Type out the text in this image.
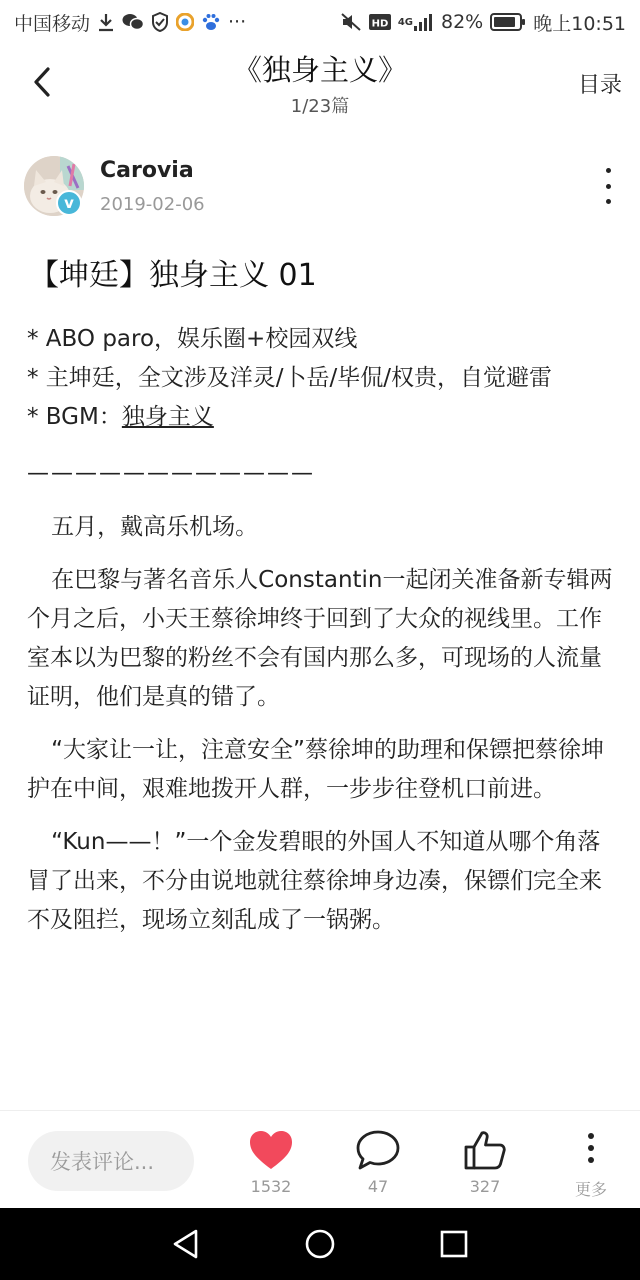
中国移动	···	HD 4G 82%	晚上10:51
《独身主义》
1/23篇
目录
v
Carovia
2019-02-06
【坤廷】独身主义 01

* ABO paro，娱乐圈+校园双线

* 主坤廷，全文涉及洋灵/卜岳/毕侃/权贵，自觉避雷

* BGM：独身主义

————————————

五月，戴高乐机场。

在巴黎与著名音乐人Constantin一起闭关准备新专辑两个月之后，小天王蔡徐坤终于回到了大众的视线里。工作室本以为巴黎的粉丝不会有国内那么多，可现场的人流量证明，他们是真的错了。

“大家让一让，注意安全”蔡徐坤的助理和保镖把蔡徐坤护在中间，艰难地拨开人群，一步步往登机口前进。

“Kun——！”一个金发碧眼的外国人不知道从哪个角落冒了出来，不分由说地就往蔡徐坤身边凑，保镖们完全来不及阻拦，现场立刻乱成了一锅粥。

发表评论...
1532	47	327	更多
